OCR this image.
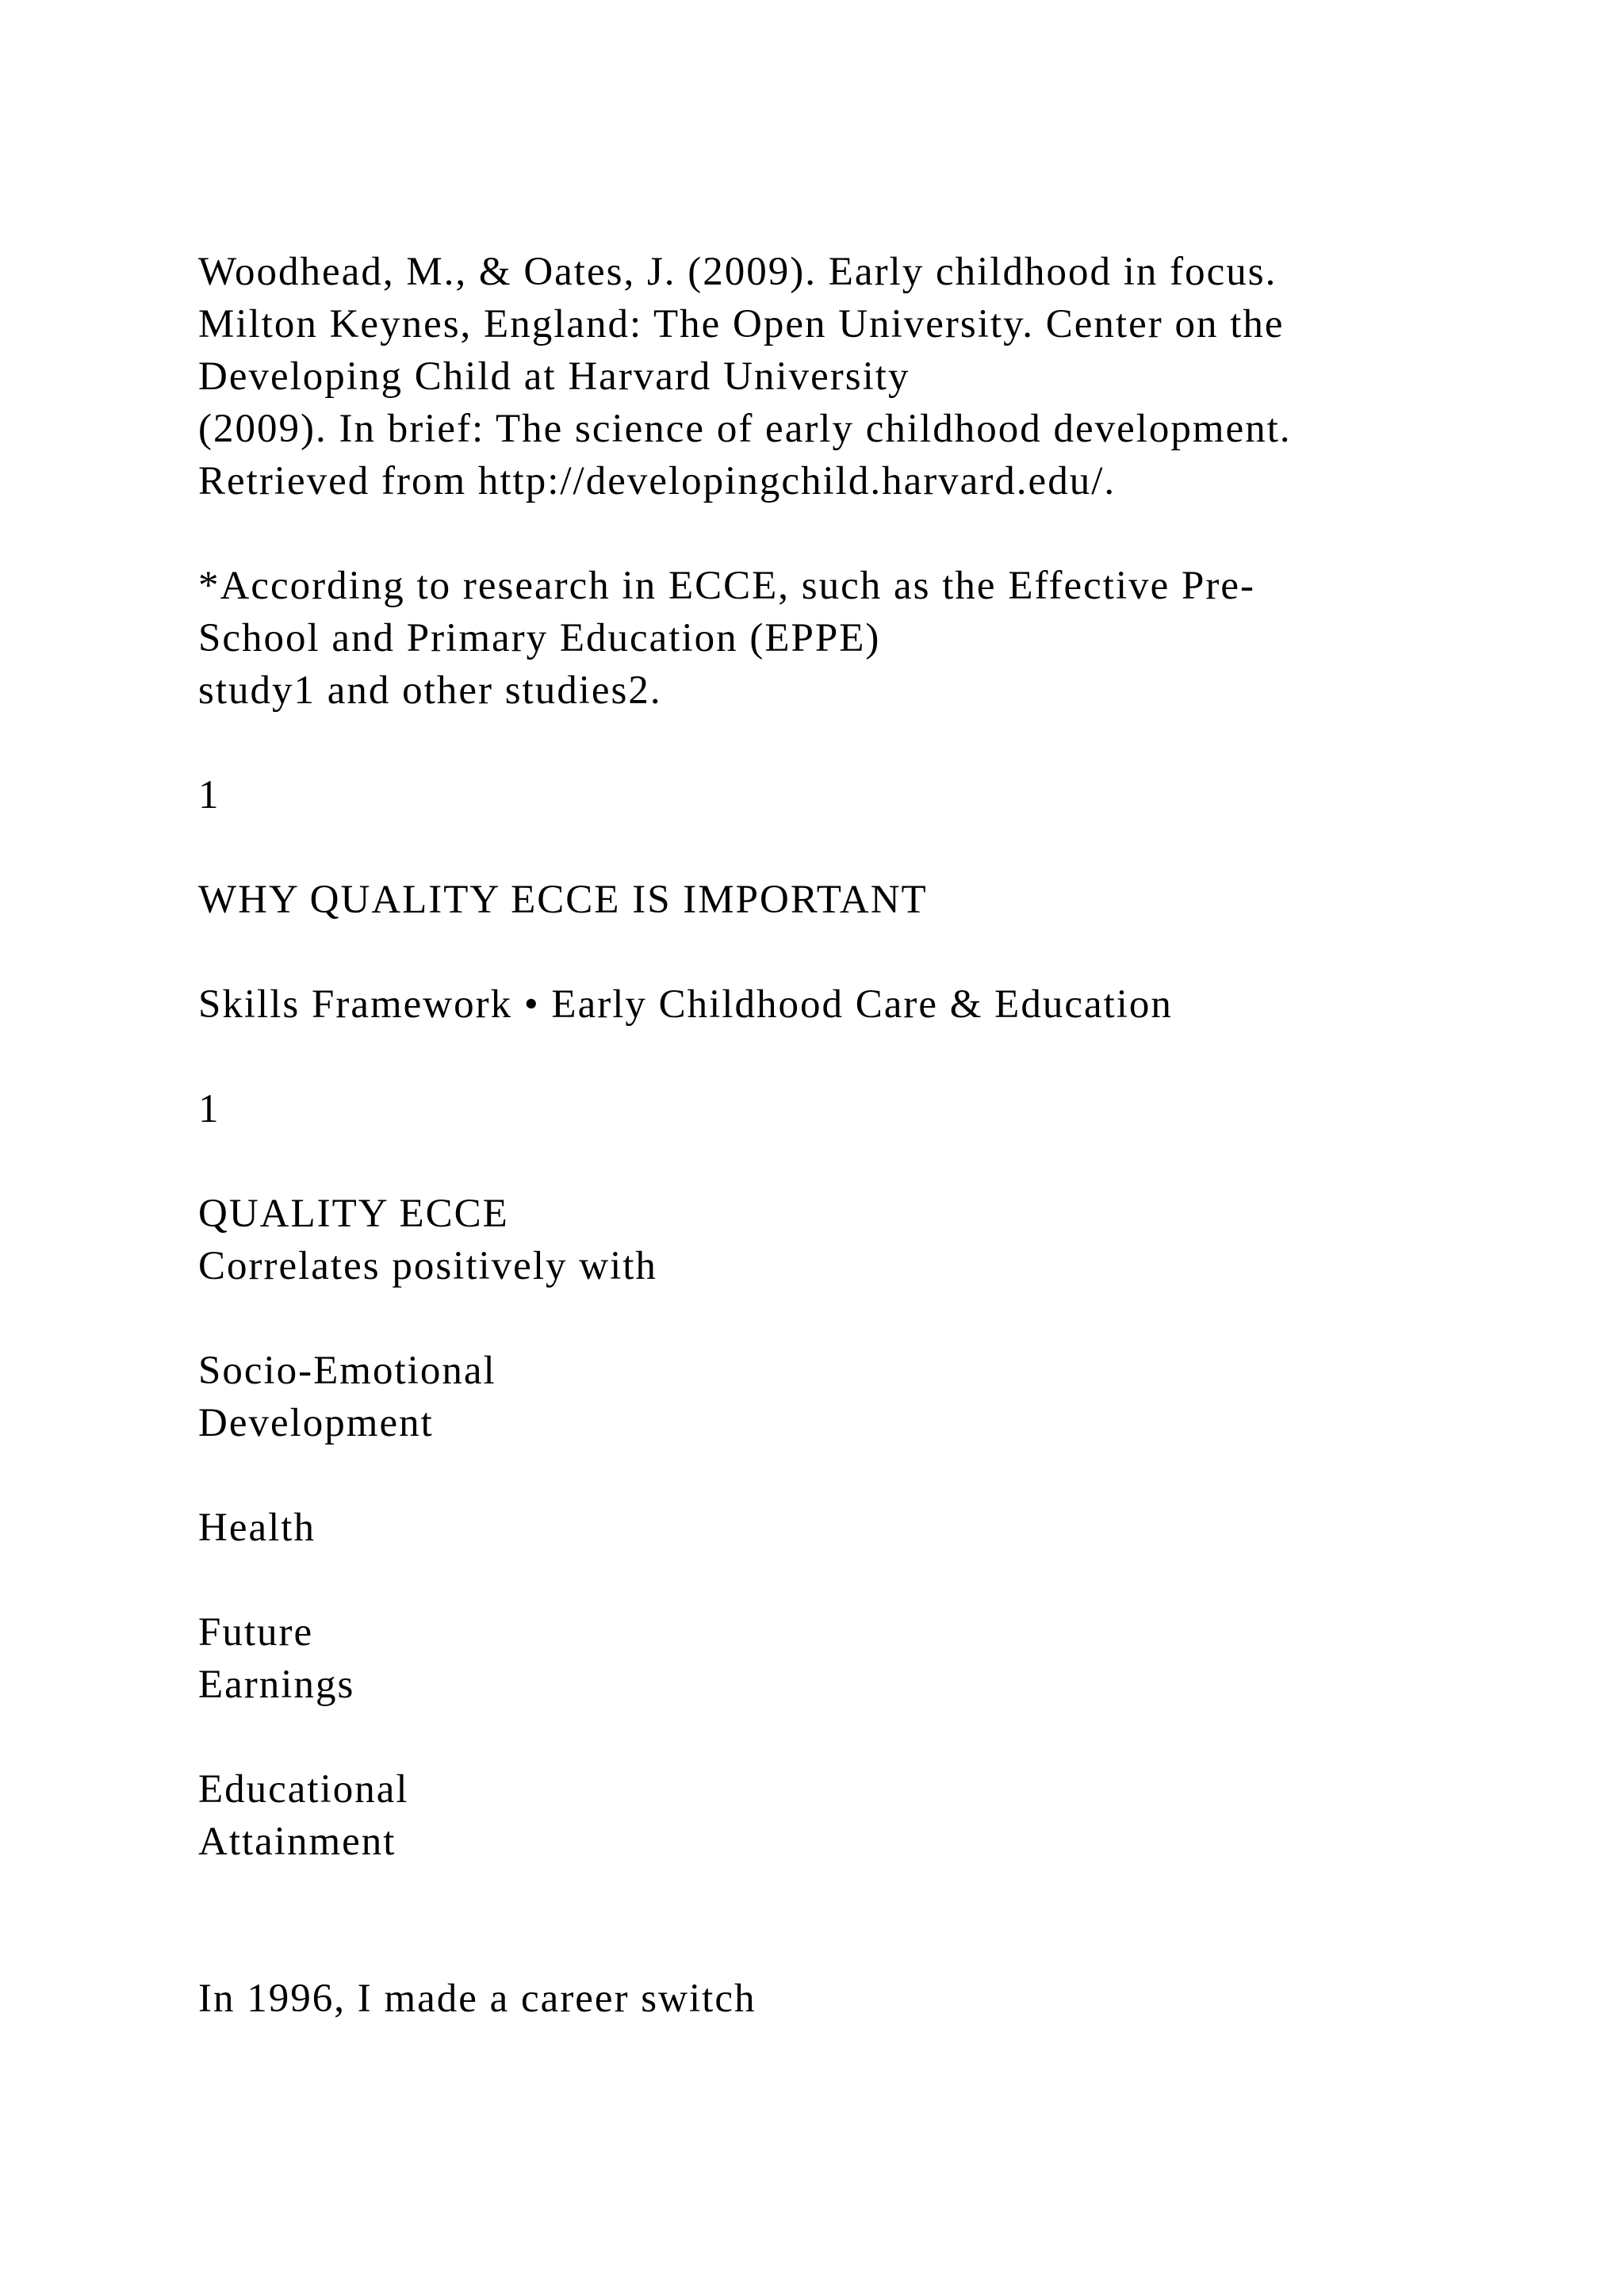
Woodhead, M., & Oates, J. (2009). Early childhood in focus.
Milton Keynes, England: The Open University. Center on the
Developing Child at Harvard University
(2009). In brief: The science of early childhood development.
Retrieved from http://developingchild.harvard.edu/.
*According to research in ECCE, such as the Effective Pre-
School and Primary Education (EPPE)
study1 and other studies2.
1
WHY QUALITY ECCE IS IMPORTANT
Skills Framework • Early Childhood Care & Education
1
QUALITY ECCE
Correlates positively with
Socio-Emotional
Development
Health
Future
Earnings
Educational
Attainment
In 1996, I made a career switch
